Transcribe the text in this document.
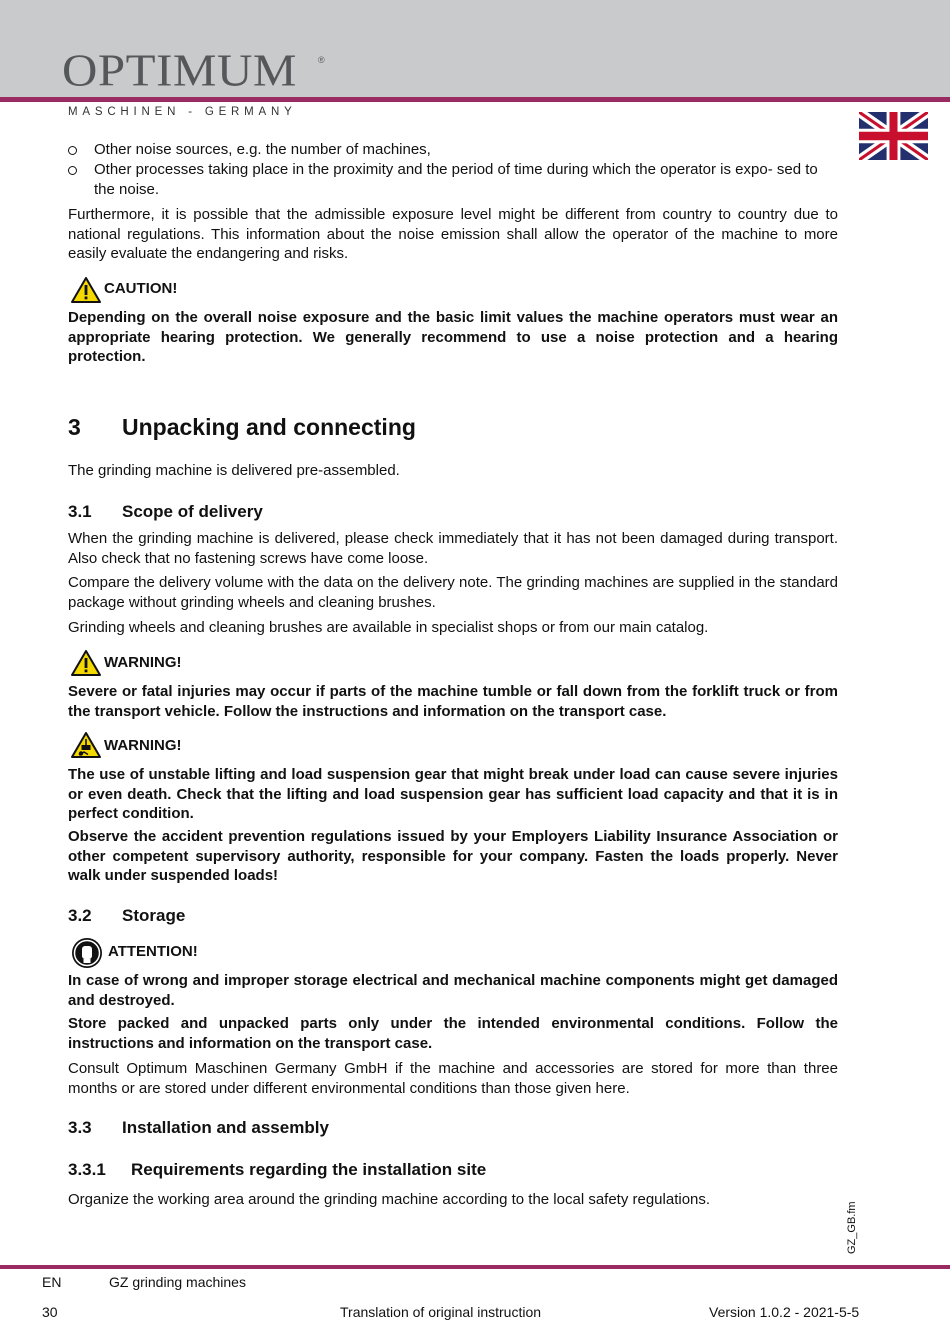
OPTIMUM ®
MASCHINEN - GERMANY
Other noise sources, e.g. the number of machines,
Other processes taking place in the proximity and the period of time during which the operator is expo- sed to the noise.

Furthermore, it is possible that the admissible exposure level might be different from country to country due to national regulations. This information about the noise emission shall allow the operator of the machine to more easily evaluate the endangering and risks.

CAUTION!

Depending on the overall noise exposure and the basic limit values the machine operators must wear an appropriate hearing protection. We generally recommend to use a noise protection and a hearing protection.

3 Unpacking and connecting

The grinding machine is delivered pre-assembled.

3.1 Scope of delivery

When the grinding machine is delivered, please check immediately that it has not been damaged during transport. Also check that no fastening screws have come loose.

Compare the delivery volume with the data on the delivery note. The grinding machines are supplied in the standard package without grinding wheels and cleaning brushes.

Grinding wheels and cleaning brushes are available in specialist shops or from our main catalog.

WARNING!

Severe or fatal injuries may occur if parts of the machine tumble or fall down from the forklift truck or from the transport vehicle. Follow the instructions and information on the transport case.

WARNING!

The use of unstable lifting and load suspension gear that might break under load can cause severe injuries or even death. Check that the lifting and load suspension gear has sufficient load capacity and that it is in perfect condition.

Observe the accident prevention regulations issued by your Employers Liability Insurance Association or other competent supervisory authority, responsible for your company. Fasten the loads properly. Never walk under suspended loads!

3.2 Storage
ATTENTION!

In case of wrong and improper storage electrical and mechanical machine components might get damaged and destroyed.

Store packed and unpacked parts only under the intended environmental conditions. Follow the instructions and information on the transport case.

Consult Optimum Maschinen Germany GmbH if the machine and accessories are stored for more than three months or are stored under different environmental conditions than those given here.

3.3 Installation and assembly
3.3.1 Requirements regarding the installation site

Organize the working area around the grinding machine according to the local safety regulations.

GZ_GB.fm
EN	GZ grinding machines
30	Translation of original instruction	Version 1.0.2 - 2021-5-5
